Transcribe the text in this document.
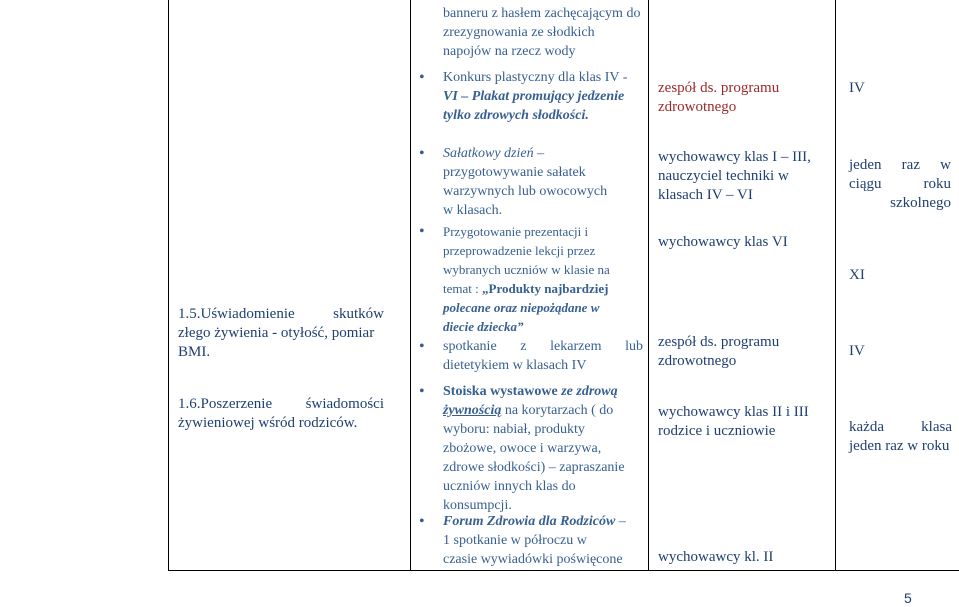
banneru z hasłem zachęcającym do
zrezygnowania ze słodkich
napojów na rzecz wody
• Konkurs plastyczny dla klas IV -
VI – Plakat promujący jedzenie
tylko zdrowych słodkości.
zespół ds. programu
zdrowotnego
IV
• Sałatkowy dzień –
przygotowywanie sałatek
warzywnych lub owocowych
w klasach.
wychowawcy klas I – III,
nauczyciel techniki w
klasach IV – VI
jeden raz w
ciągu roku
szkolnego
1.5.Uświadomienie skutków
złego żywienia - otyłość, pomiar
BMI.
• Przygotowanie prezentacji i
przeprowadzenie lekcji przez
wybranych uczniów w klasie na
temat : „Produkty najbardziej
polecane oraz niepożądane w
diecie dziecka”
wychowawcy klas VI
XI
• spotkanie z lekarzem lub
dietetykiem w klasach IV
zespół ds. programu
zdrowotnego
IV
1.6.Poszerzenie świadomości
żywieniowej wśród rodziców.
• Stoiska wystawowe ze zdrową
żywnością na korytarzach ( do
wyboru: nabiał, produkty
zbożowe, owoce i warzywa,
zdrowe słodkości) – zapraszanie
uczniów innych klas do
konsumpcji.
wychowawcy klas II i III
rodzice i uczniowie	każda klasa
jeden raz w roku
• Forum Zdrowia dla Rodziców –
1 spotkanie w półroczu w
czasie wywiadówki poświęcone	wychowawcy kl. II
5
